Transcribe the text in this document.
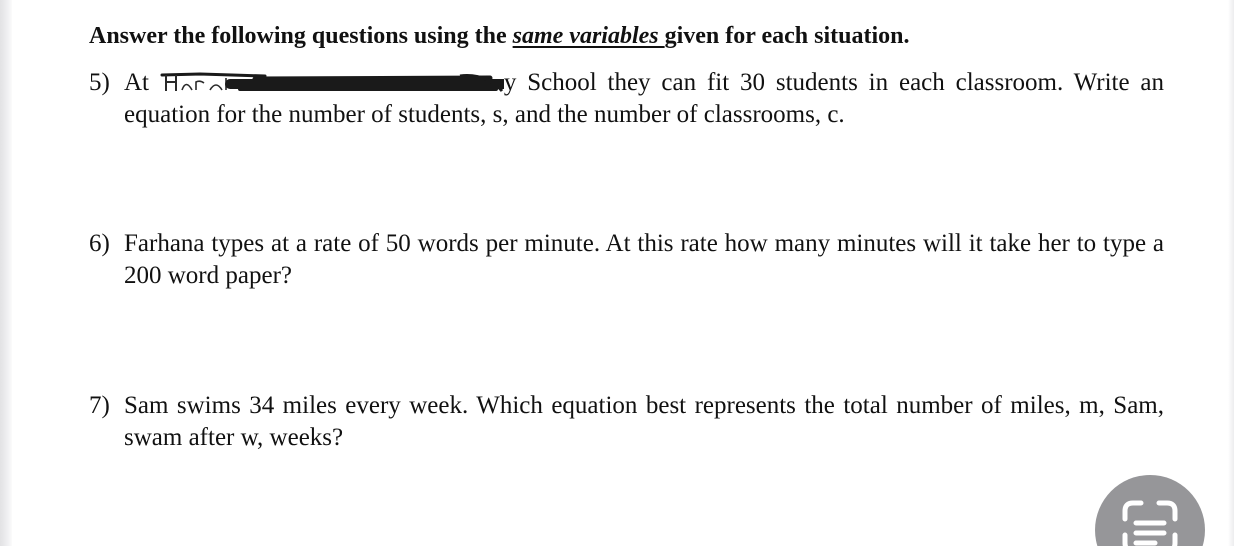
Answer the following questions using the same variables given for each situation.

5) At	y School they can fit 30 students in each classroom. Write an equation for the number of students, s, and the number of classrooms, c.
6) Farhana types at a rate of 50 words per minute. At this rate how many minutes will it take her to type a 200 word paper?
7) Sam swims 34 miles every week. Which equation best represents the total number of miles, m, Sam, swam after w, weeks?
